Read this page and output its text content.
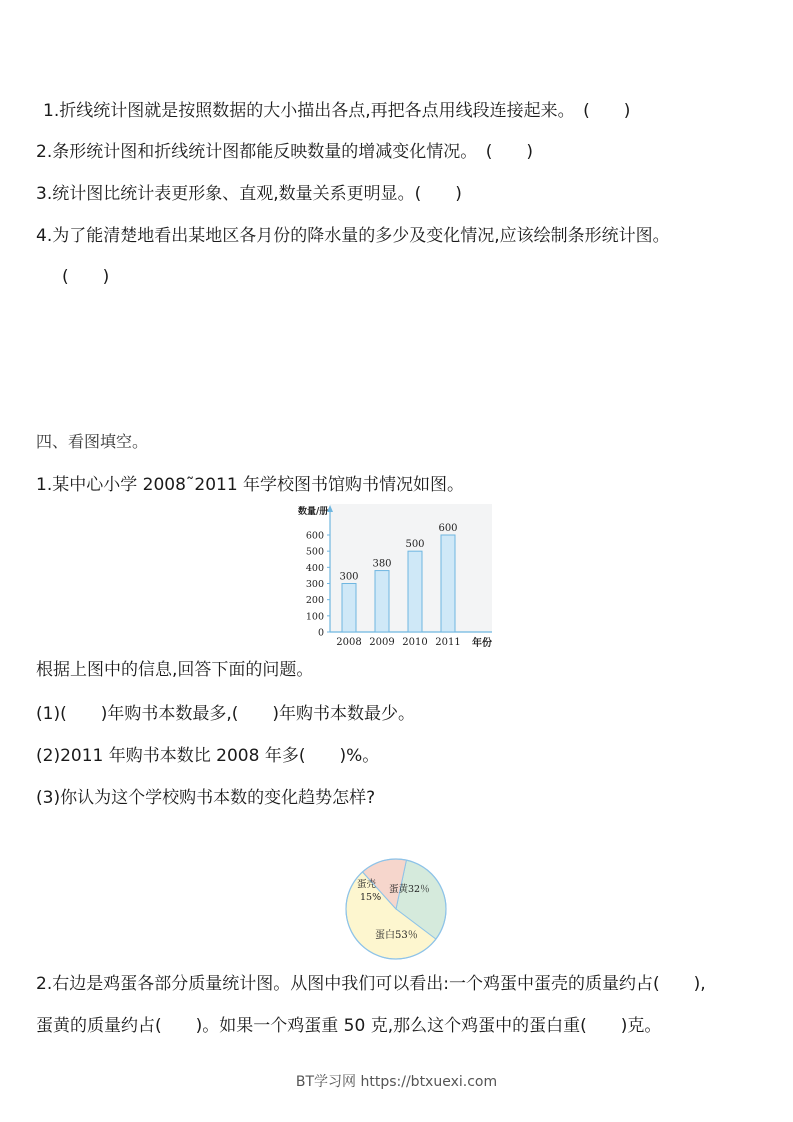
1.折线统计图就是按照数据的大小描出各点,再把各点用线段连接起来。　(　　)
2.条形统计图和折线统计图都能反映数量的增减变化情况。　(　　)
3.统计图比统计表更形象、直观,数量关系更明显。(　　)
4.为了能清楚地看出某地区各月份的降水量的多少及变化情况,应该绘制条形统计图。
(　　)
四、看图填空。
1.某中心小学 2008˜2011 年学校图书馆购书情况如图。
0
100
200
300
400
500
600
300
2008
380
2009
500
2010
600
2011
数量/册
年份
根据上图中的信息,回答下面的问题。
(1)(　　)年购书本数最多,(　　)年购书本数最少。
(2)2011 年购书本数比 2008 年多(　　)%。
(3)你认为这个学校购书本数的变化趋势怎样?
蛋黄32％
蛋白53％
蛋壳
15%
2.右边是鸡蛋各部分质量统计图。从图中我们可以看出:一个鸡蛋中蛋壳的质量约占(　　),
蛋黄的质量约占(　　)。如果一个鸡蛋重 50 克,那么这个鸡蛋中的蛋白重(　　)克。
BT学习网 https://btxuexi.com
